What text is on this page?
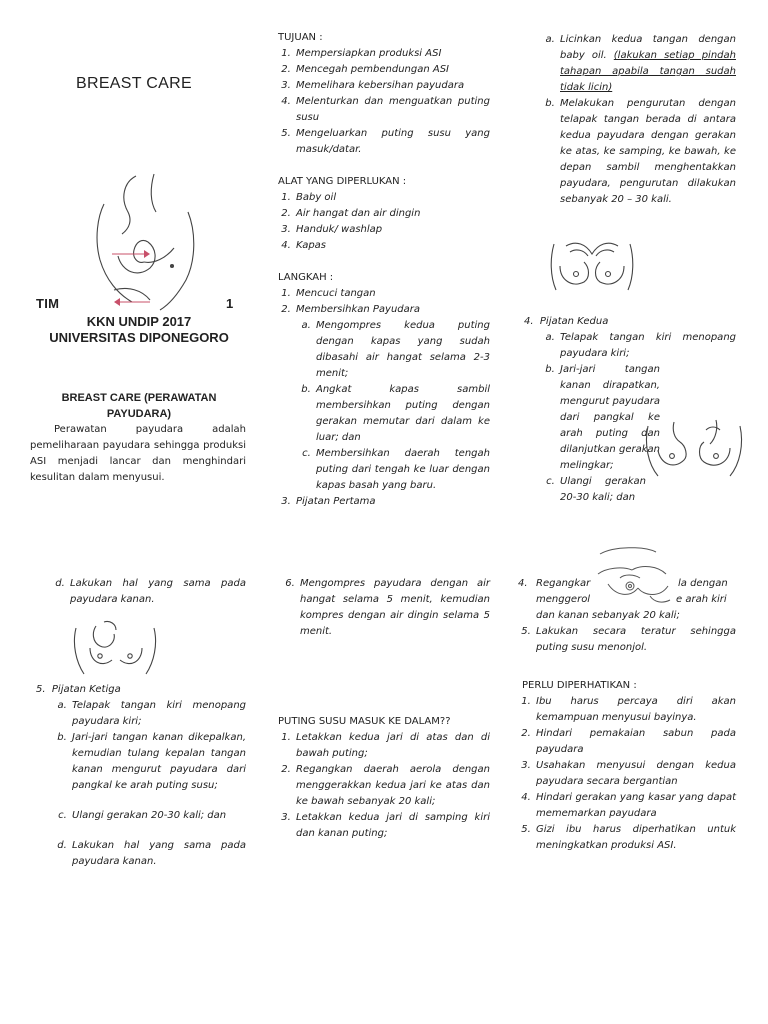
BREAST CARE
TIM	1
KKN UNDIP 2017
UNIVERSITAS DIPONEGORO
BREAST CARE (PERAWATAN PAYUDARA)
Perawatan payudara adalah pemeliharaan payudara sehingga produksi ASI menjadi lancar dan menghindari kesulitan dalam menyusui.
TUJUAN :
1. Mempersiapkan produksi ASI
2. Mencegah pembendungan ASI
3. Memelihara kebersihan payudara
4. Melenturkan dan menguatkan puting susu
5. Mengeluarkan puting susu yang masuk/datar.
ALAT YANG DIPERLUKAN :
1. Baby oil
2. Air hangat dan air dingin
3. Handuk/ washlap
4. Kapas
LANGKAH :
1. Mencuci tangan
2. Membersihkan Payudara
a. Mengompres kedua puting dengan kapas yang sudah dibasahi air hangat selama 2-3 menit;
b. Angkat kapas sambil membersihkan puting dengan gerakan memutar dari dalam ke luar; dan
c. Membersihkan daerah tengah puting dari tengah ke luar dengan kapas basah yang baru.
3. Pijatan Pertama
a. Licinkan kedua tangan dengan baby oil. (lakukan setiap pindah tahapan apabila tangan sudah tidak licin)
b. Melakukan pengurutan dengan telapak tangan berada di antara kedua payudara dengan gerakan ke atas, ke samping, ke bawah, ke depan sambil menghentakkan payudara, pengurutan dilakukan sebanyak 20 – 30 kali.
4. Pijatan Kedua
a. Telapak tangan kiri menopang payudara kiri;
b. Jari-jari tangan kanan dirapatkan, mengurut payudara dari pangkal ke arah puting dan dilanjutkan gerakan melingkar;
c. Ulangi gerakan 20-30 kali; dan
d. Lakukan hal yang sama pada payudara kanan.
5. Pijatan Ketiga
a. Telapak tangan kiri menopang payudara kiri;
b. Jari-jari tangan kanan dikepalkan, kemudian tulang kepalan tangan kanan mengurut payudara dari pangkal ke arah puting susu;
c. Ulangi gerakan 20-30 kali; dan
d. Lakukan hal yang sama pada payudara kanan.
6. Mengompres payudara dengan air hangat selama 5 menit, kemudian kompres dengan air dingin selama 5 menit.
PUTING SUSU MASUK KE DALAM??
1. Letakkan kedua jari di atas dan di bawah puting;
2. Regangkan daerah aerola dengan menggerakkan kedua jari ke atas dan ke bawah sebanyak 20 kali;
3. Letakkan kedua jari di samping kiri dan kanan puting;
4. Regangkar	la dengan
menggerol	e arah kiri
dan kanan sebanyak 20 kali;
5. Lakukan secara teratur sehingga puting susu menonjol.
PERLU DIPERHATIKAN :
1. Ibu harus percaya diri akan kemampuan menyusui bayinya.
2. Hindari pemakaian sabun pada payudara
3. Usahakan menyusui dengan kedua payudara secara bergantian
4. Hindari gerakan yang kasar yang dapat mememarkan payudara
5. Gizi ibu harus diperhatikan untuk meningkatkan produksi ASI.
